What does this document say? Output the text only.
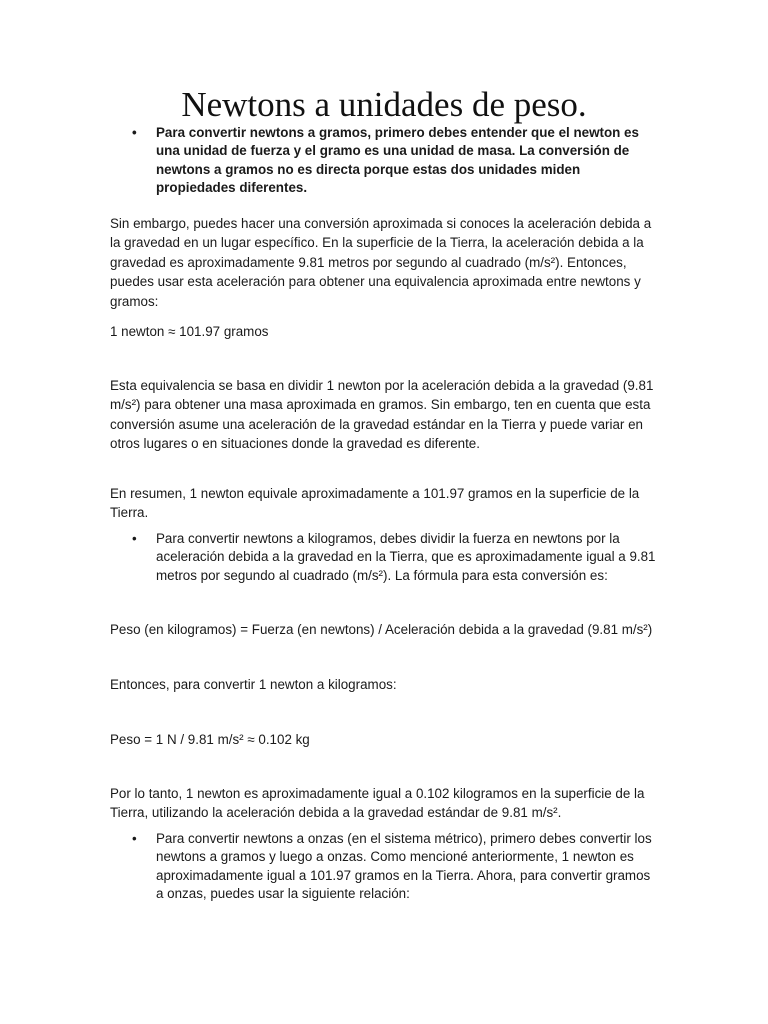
Newtons a unidades de peso.
• Para convertir newtons a gramos, primero debes entender que el newton es una unidad de fuerza y el gramo es una unidad de masa. La conversión de newtons a gramos no es directa porque estas dos unidades miden propiedades diferentes.

Sin embargo, puedes hacer una conversión aproximada si conoces la aceleración debida a la gravedad en un lugar específico. En la superficie de la Tierra, la aceleración debida a la gravedad es aproximadamente 9.81 metros por segundo al cuadrado (m/s²). Entonces, puedes usar esta aceleración para obtener una equivalencia aproximada entre newtons y gramos:

1 newton ≈ 101.97 gramos

Esta equivalencia se basa en dividir 1 newton por la aceleración debida a la gravedad (9.81 m/s²) para obtener una masa aproximada en gramos. Sin embargo, ten en cuenta que esta conversión asume una aceleración de la gravedad estándar en la Tierra y puede variar en otros lugares o en situaciones donde la gravedad es diferente.

En resumen, 1 newton equivale aproximadamente a 101.97 gramos en la superficie de la Tierra.

• Para convertir newtons a kilogramos, debes dividir la fuerza en newtons por la aceleración debida a la gravedad en la Tierra, que es aproximadamente igual a 9.81 metros por segundo al cuadrado (m/s²). La fórmula para esta conversión es:

Peso (en kilogramos) = Fuerza (en newtons) / Aceleración debida a la gravedad (9.81 m/s²)

Entonces, para convertir 1 newton a kilogramos:

Peso = 1 N / 9.81 m/s² ≈ 0.102 kg

Por lo tanto, 1 newton es aproximadamente igual a 0.102 kilogramos en la superficie de la Tierra, utilizando la aceleración debida a la gravedad estándar de 9.81 m/s².

• Para convertir newtons a onzas (en el sistema métrico), primero debes convertir los newtons a gramos y luego a onzas. Como mencioné anteriormente, 1 newton es aproximadamente igual a 101.97 gramos en la Tierra. Ahora, para convertir gramos a onzas, puedes usar la siguiente relación:
